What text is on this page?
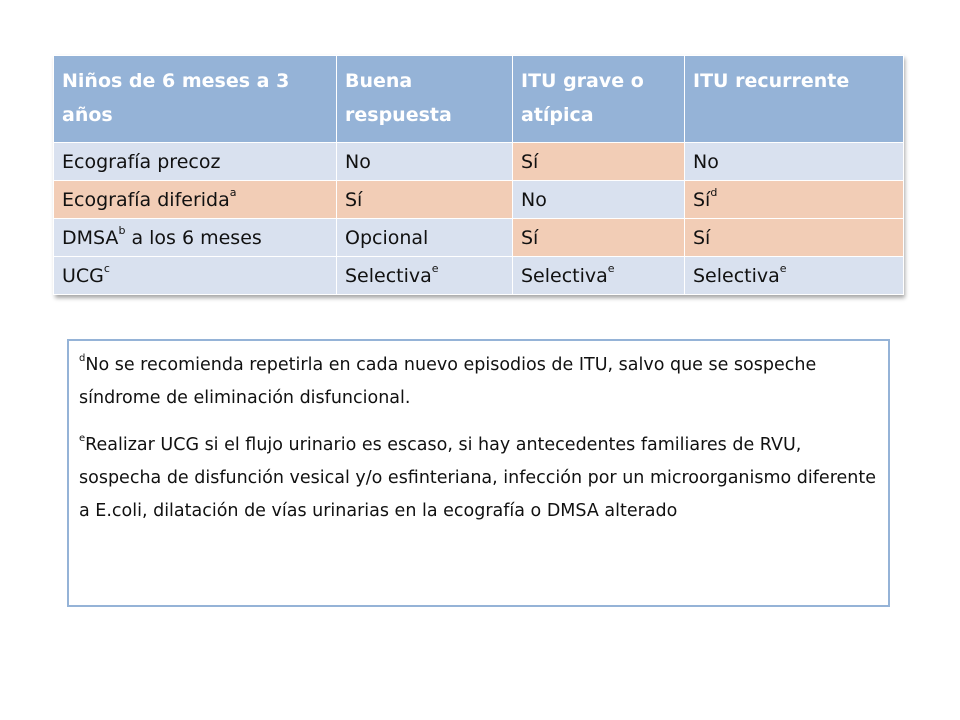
Niños de 6 meses a 3 años	Buena respuesta	ITU grave o atípica	ITU recurrente
Ecografía precoz	No	Sí	No
Ecografía diferida$^a$	Sí	No	$Sí^d$
DMSA$^b$ a los 6 meses	Opcional	Sí	Sí
UCG$^c$	Selectiva$^e$	Selectiva$^e$	Selectiva$^e$

$^d$No se recomienda repetirla en cada nuevo episodios de ITU, salvo que se sospeche síndrome de eliminación disfuncional.

$^e$Realizar UCG si el flujo urinario es escaso, si hay antecedentes familiares de RVU, sospecha de disfunción vesical y/o esfinteriana, infección por un microorganismo diferente a E.coli, dilatación de vías urinarias en la ecografía o DMSA alterado
